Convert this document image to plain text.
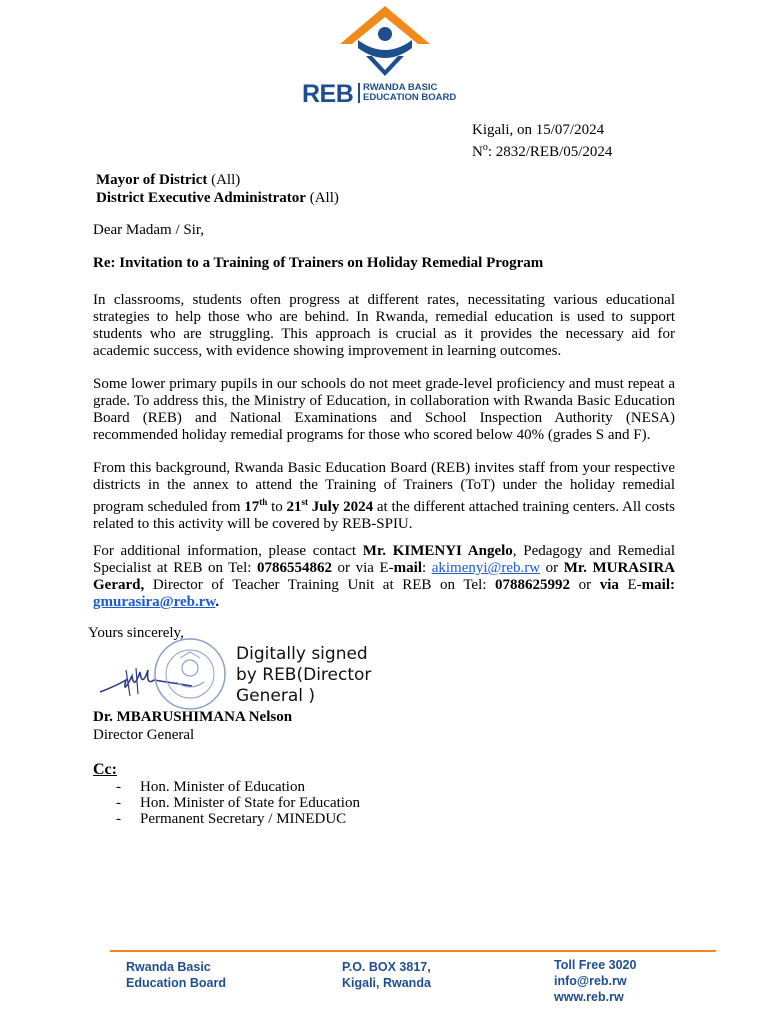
REB RWANDA BASIC
EDUCATION BOARD
Kigali, on 15/07/2024
$N^o$: 2832/REB/05/2024
Mayor of District (All)
District Executive Administrator (All)
Dear Madam / Sir,
Re: Invitation to a Training of Trainers on Holiday Remedial Program
In classrooms, students often progress at different rates, necessitating various educational strategies to help those who are behind. In Rwanda, remedial education is used to support students who are struggling. This approach is crucial as it provides the necessary aid for academic success, with evidence showing improvement in learning outcomes.
Some lower primary pupils in our schools do not meet grade-level proficiency and must repeat a grade. To address this, the Ministry of Education, in collaboration with Rwanda Basic Education Board (REB) and National Examinations and School Inspection Authority (NESA) recommended holiday remedial programs for those who scored below 40% (grades S and F).
From this background, Rwanda Basic Education Board (REB) invites staff from your respective districts in the annex to attend the Training of Trainers (ToT) under the holiday remedial program scheduled from 17th to 21st July 2024 at the different attached training centers. All costs related to this activity will be covered by REB-SPIU.
For additional information, please contact Mr. KIMENYI Angelo, Pedagogy and Remedial Specialist at REB on Tel: 0786554862 or via E-mail: akimenyi@reb.rw or Mr. MURASIRA Gerard, Director of Teacher Training Unit at REB on Tel: 0788625992 or via E-mail: gmurasira@reb.rw.
Yours sincerely,
Digitally signed
by REB(Director
General )
Dr. MBARUSHIMANA Nelson
Director General
Cc:
- Hon. Minister of Education
- Hon. Minister of State for Education
- Permanent Secretary / MINEDUC
Rwanda Basic
Education Board
P.O. BOX 3817,
Kigali, Rwanda
Toll Free 3020
info@reb.rw
www.reb.rw
